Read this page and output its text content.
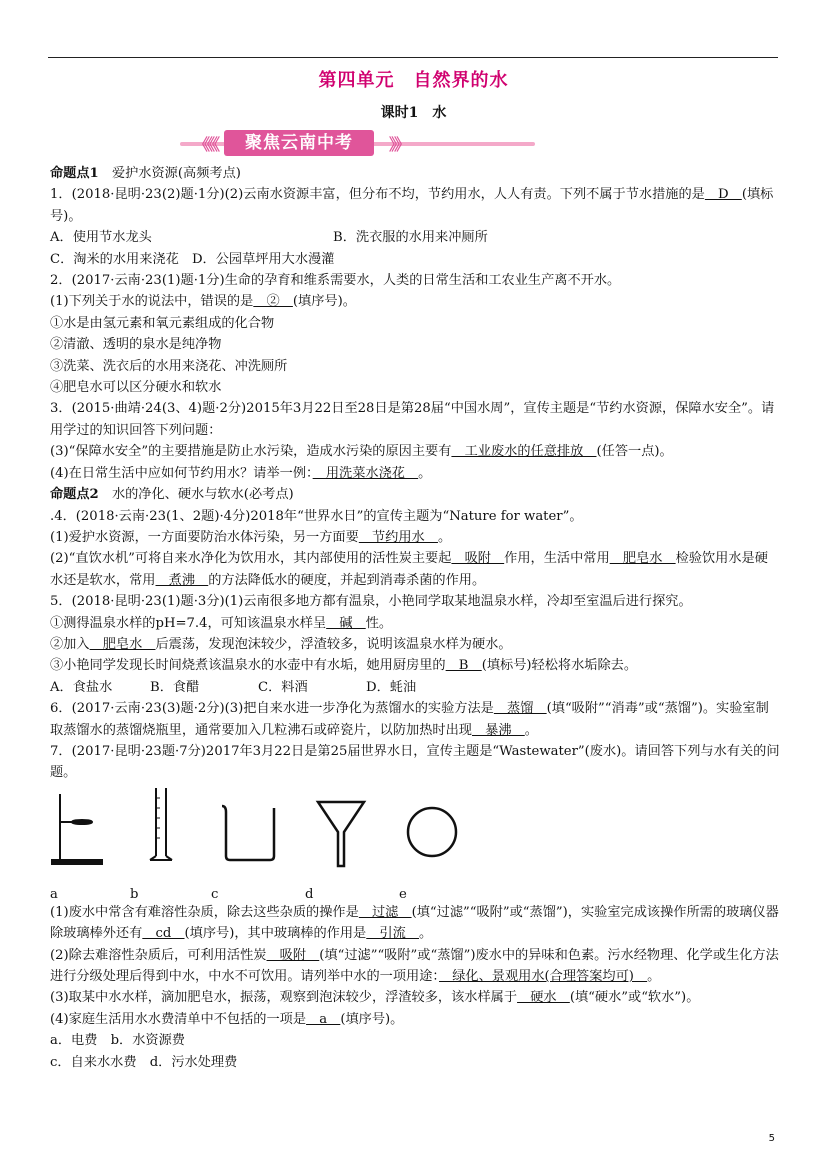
第四单元　自然界的水
课时1　水
《《《	聚焦云南中考	》》

命题点1　 爱护水资源(高频考点)

1．(2018·昆明·23(2)题·1分)(2)云南水资源丰富，但分布不均，节约用水，人人有责。下列不属于节水措施的是　D　(填标号)。

A．使用节水龙头	B．洗衣服的水用来冲厕所

C．淘米的水用来浇花　D．公园草坪用大水漫灌

2．(2017·云南·23(1)题·1分)生命的孕育和维系需要水，人类的日常生活和工农业生产离不开水。

(1)下列关于水的说法中，错误的是　②　(填序号)。

①水是由氢元素和氧元素组成的化合物

②清澈、透明的泉水是纯净物

③洗菜、洗衣后的水用来浇花、冲洗厕所

④肥皂水可以区分硬水和软水

3．(2015·曲靖·24(3、4)题·2分)2015年3月22日至28日是第28届“中国水周”，宣传主题是“节约水资源，保障水安全”。请用学过的知识回答下列问题：

(3)“保障水安全”的主要措施是防止水污染，造成水污染的原因主要有　工业废水的任意排放　(任答一点)。

(4)在日常生活中应如何节约用水？请举一例：　用洗菜水浇花　。

命题点2　 水的净化、硬水与软水(必考点)

.4．(2018·云南·23(1、2题)·4分)2018年“世界水日”的宣传主题为“Nature for water”。

(1)爱护水资源，一方面要防治水体污染，另一方面要　节约用水　。

(2)“直饮水机”可将自来水净化为饮用水，其内部使用的活性炭主要起　吸附　作用，生活中常用　肥皂水　检验饮用水是硬水还是软水，常用　煮沸　的方法降低水的硬度，并起到消毒杀菌的作用。

5．(2018·昆明·23(1)题·3分)(1)云南很多地方都有温泉，小艳同学取某地温泉水样，冷却至室温后进行探究。

①测得温泉水样的pH=7.4，可知该温泉水样呈　碱　性。

②加入　肥皂水　后震荡，发现泡沫较少，浮渣较多，说明该温泉水样为硬水。

③小艳同学发现长时间烧煮该温泉水的水壶中有水垢，她用厨房里的　B　(填标号)轻松将水垢除去。

A．食盐水	B．食醋	C．料酒	D．蚝油

6．(2017·云南·23(3)题·2分)(3)把自来水进一步净化为蒸馏水的实验方法是　蒸馏　(填“吸附”“消毒”或“蒸馏”)。实验室制取蒸馏水的蒸馏烧瓶里，通常要加入几粒沸石或碎瓷片，以防加热时出现　暴沸　。

7．(2017·昆明·23题·7分)2017年3月22日是第25届世界水日，宣传主题是“Wastewater”(废水)。请回答下列与水有关的问题。

a	b	c	d	e

(1)废水中常含有难溶性杂质，除去这些杂质的操作是　过滤　(填“过滤”“吸附”或“蒸馏”)，实验室完成该操作所需的玻璃仪器除玻璃棒外还有　cd　(填序号)，其中玻璃棒的作用是　引流　。

(2)除去难溶性杂质后，可利用活性炭　吸附　(填“过滤”“吸附”或“蒸馏”)废水中的异味和色素。污水经物理、化学或生化方法进行分级处理后得到中水，中水不可饮用。请列举中水的一项用途：　绿化、景观用水(合理答案均可)　。

(3)取某中水水样，滴加肥皂水，振荡，观察到泡沫较少，浮渣较多，该水样属于　硬水　(填“硬水”或“软水”)。

(4)家庭生活用水水费清单中不包括的一项是　a　(填序号)。

a．电费　b．水资源费

c．自来水水费　d．污水处理费

5
